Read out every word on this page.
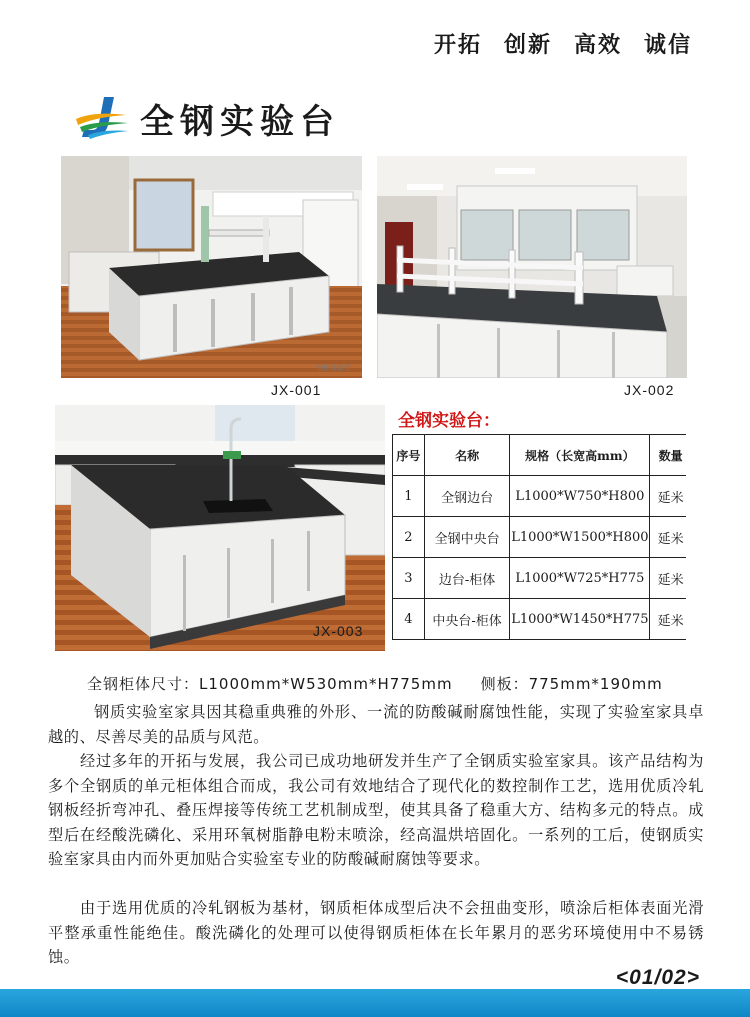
开拓 创新 高效 诚信
全钢实验台
钢柜体新贸
JX-001	JX-002
JX-003
全钢实验台：
序号	名称	规格（长宽高mm）	数量
1	全钢边台	L1000*W750*H800	延米
2	全钢中央台	L1000*W1500*H800	延米
3	边台-柜体	L1000*W725*H775	延米
4	中央台-柜体	L1000*W1450*H775	延米
全钢柜体尺寸：L1000mm*W530mm*H775mm 侧板：775mm*190mm
钢质实验室家具因其稳重典雅的外形、一流的防酸碱耐腐蚀性能，实现了实验室家具卓越的、尽善尽美的品质与风范。
经过多年的开拓与发展，我公司已成功地研发并生产了全钢质实验室家具。该产品结构为多个全钢质的单元柜体组合而成，我公司有效地结合了现代化的数控制作工艺，选用优质冷轧钢板经折弯冲孔、叠压焊接等传统工艺机制成型，使其具备了稳重大方、结构多元的特点。成型后在经酸洗磷化、采用环氧树脂静电粉末喷涂，经高温烘培固化。一系列的工后，使钢质实验室家具由内而外更加贴合实验室专业的防酸碱耐腐蚀等要求。
由于选用优质的冷轧钢板为基材，钢质柜体成型后决不会扭曲变形，喷涂后柜体表面光滑平整承重性能绝佳。酸洗磷化的处理可以使得钢质柜体在长年累月的恶劣环境使用中不易锈蚀。
<01/02>
